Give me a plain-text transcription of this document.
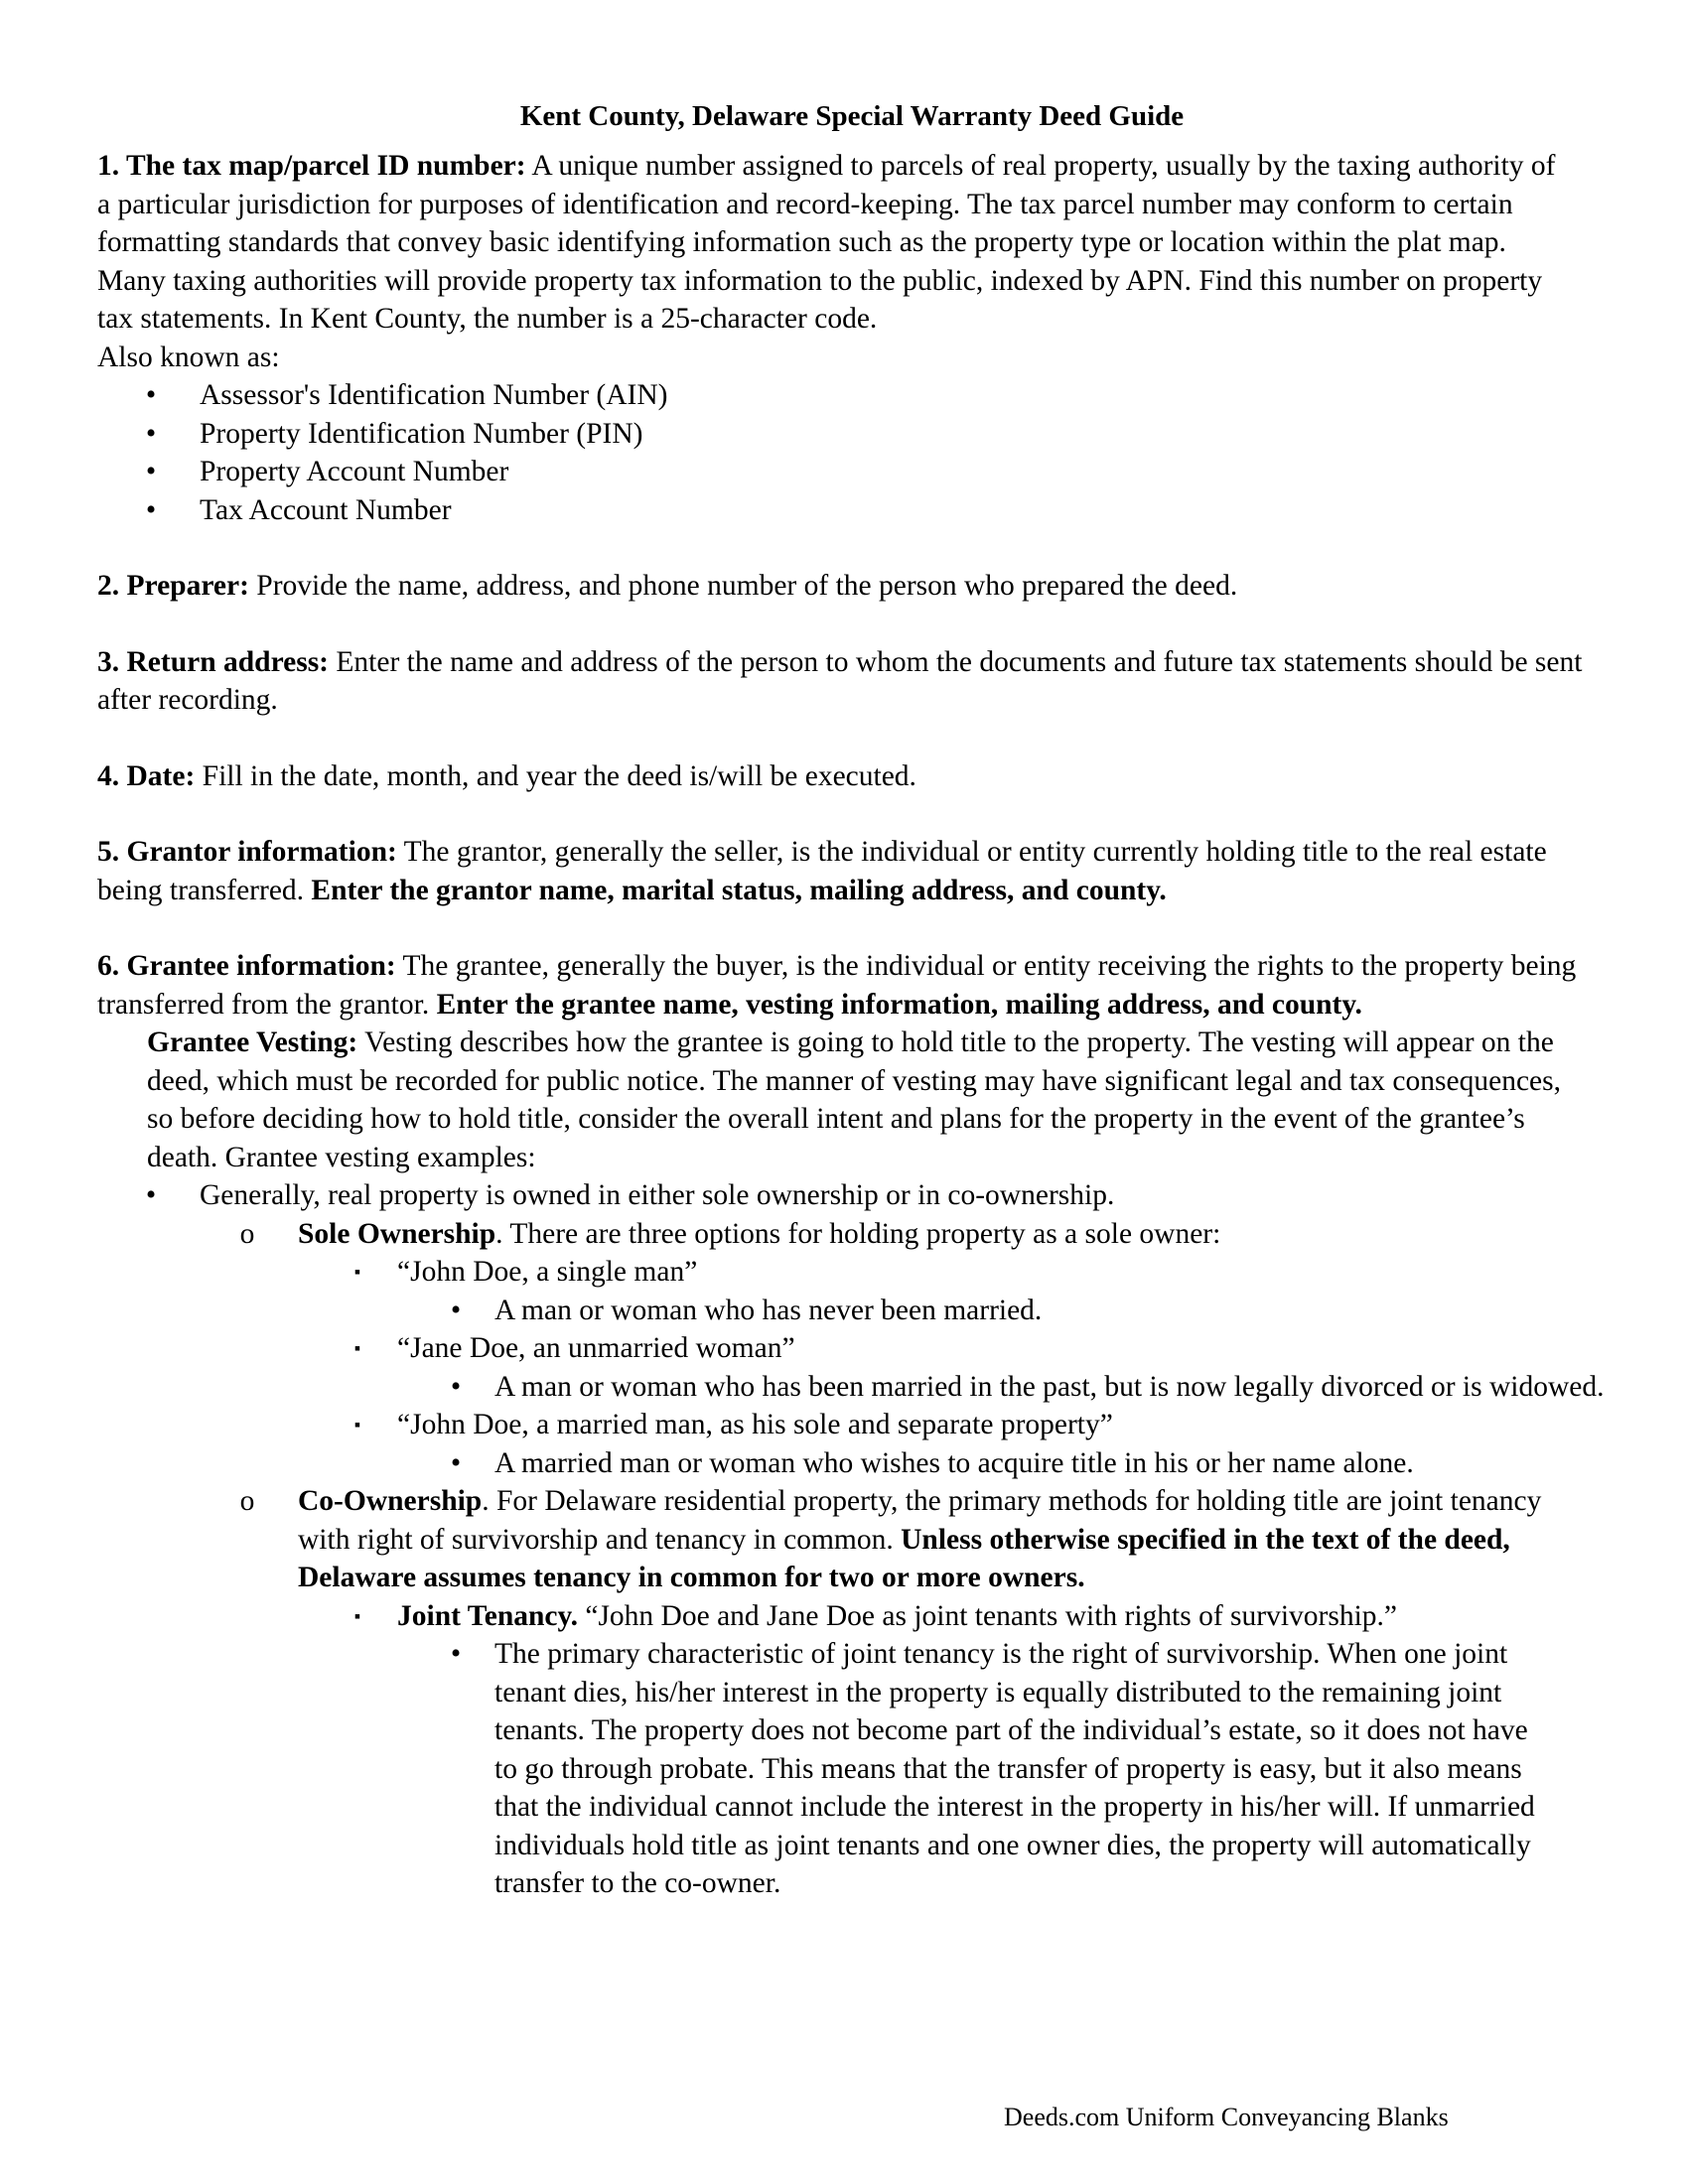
Kent County, Delaware Special Warranty Deed Guide

1. The tax map/parcel ID number: A unique number assigned to parcels of real property, usually by the taxing authority of a particular jurisdiction for purposes of identification and record-keeping. The tax parcel number may conform to certain formatting standards that convey basic identifying information such as the property type or location within the plat map. Many taxing authorities will provide property tax information to the public, indexed by APN. Find this number on property tax statements. In Kent County, the number is a 25-character code.

Also known as:

• Assessor's Identification Number (AIN)
• Property Identification Number (PIN)
• Property Account Number
• Tax Account Number

2. Preparer: Provide the name, address, and phone number of the person who prepared the deed.

3. Return address: Enter the name and address of the person to whom the documents and future tax statements should be sent after recording.

4. Date: Fill in the date, month, and year the deed is/will be executed.

5. Grantor information: The grantor, generally the seller, is the individual or entity currently holding title to the real estate being transferred. Enter the grantor name, marital status, mailing address, and county.

6. Grantee information: The grantee, generally the buyer, is the individual or entity receiving the rights to the property being transferred from the grantor. Enter the grantee name, vesting information, mailing address, and county.

Grantee Vesting: Vesting describes how the grantee is going to hold title to the property. The vesting will appear on the deed, which must be recorded for public notice. The manner of vesting may have significant legal and tax consequences, so before deciding how to hold title, consider the overall intent and plans for the property in the event of the grantee’s death. Grantee vesting examples:

• Generally, real property is owned in either sole ownership or in co-ownership.
o Sole Ownership. There are three options for holding property as a sole owner:
▪ “John Doe, a single man”
• A man or woman who has never been married.
▪ “Jane Doe, an unmarried woman”
• A man or woman who has been married in the past, but is now legally divorced or is widowed.
▪ “John Doe, a married man, as his sole and separate property”
• A married man or woman who wishes to acquire title in his or her name alone.
o Co-Ownership. For Delaware residential property, the primary methods for holding title are joint tenancy with right of survivorship and tenancy in common. Unless otherwise specified in the text of the deed, Delaware assumes tenancy in common for two or more owners.
▪ Joint Tenancy. “John Doe and Jane Doe as joint tenants with rights of survivorship.”
• The primary characteristic of joint tenancy is the right of survivorship. When one joint tenant dies, his/her interest in the property is equally distributed to the remaining joint tenants. The property does not become part of the individual’s estate, so it does not have to go through probate. This means that the transfer of property is easy, but it also means that the individual cannot include the interest in the property in his/her will. If unmarried individuals hold title as joint tenants and one owner dies, the property will automatically transfer to the co-owner.
Deeds.com Uniform Conveyancing Blanks
